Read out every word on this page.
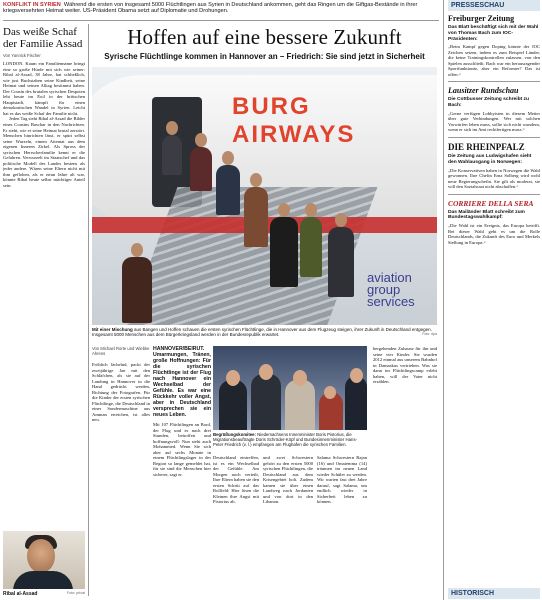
KONFLIKT IN SYRIEN Während die ersten von insgesamt 5000 Flüchtlingen aus Syrien in Deutschland ankommen, geht das Ringen um die Giftgas-Bestände in ihrer kriegsversehrten Heimat weiter. US-Präsident Obama setzt auf Diplomatie und Drohungen.
Das weiße Schaf der Familie Assad
Von Yannick Fischer

LONDON. Kaum ein Familienname bringt eine so große Hürde mit sich wie seiner: Ribal al-Assad, 38 Jahre, hat schließlich, wie just Buchstaben seine Kindheit, seine Heimat und seinen Alltag bestimmt haben. Der Cousin des brutalen syrischen Despoten lebt heute im Exil in der britischen Hauptstadt, kämpft für einen demokratischen Wandel in Syrien. Leicht hat es das weiße Schaf der Familie nicht.

Jeden Tag sieht Ribal al-Assad die Bilder eines Cousins Baschar in den Nachrichten. Er sieht, wie er seine Heimat brutal zerstört. Menschen hinrichten lässt, er spürt selbst seine Wurzeln, einem Attentat aus dem eigenen Inneren Zirkel. Als Spross der syrischen Herrscherfamilie kennt er die Gefahren. Verwurzelt im Staatschef und das politische Modell des Landes bestens als jeder andere. Wären seine Eltern nicht mit ihm geflohen, als er neun Jahre alt war, könnte Ribal heute selbst mächtiger Anteil sein.

Ribal al-Assad	Foto: privat
Hoffen auf eine bessere Zukunft
Syrische Flüchtlinge kommen in Hannover an – Friedrich: Sie sind jetzt in Sicherheit
BURG AIRWAYS
aviation group services
Mit einer Mischung aus Bangen und Hoffen schauen die ersten syrischen Flüchtlinge, die in Hannover aus dem Flugzeug steigen, ihrer Zukunft in Deutschland entgegen. Insgesamt 5000 Menschen aus dem Bürgerkriegsland werden in der Bundesrepublik erwartet.	Foto: dpa
Von Michael Rorte und Wiebke Ahrens

Fröhlich lächelnd, packt der zweijährige Jan mit den Schläfchen, als sie auf der Landung in Hannover in die Hand gedrückt werden, Richtung der Fotografen. Für die Kinder der ersten syrischen Flüchtlinge, die Deutschland in einer Sondermaschine aus Amman erreichen, ist alles neu.

HANNOVER/BEIRUT. Umarmungen, Tränen, große Hoffnungen: Für die syrischen Flüchtlinge ist der Flug nach Hannover ein Wechselbad der Gefühle. Es war eine Rückkehr voller Angst, aber in Deutschland versprechen sie ein neues Leben.

Mit 107 Flüchtlingen an Bord, der Flug und es nach drei Stunden, betroffen und hoffnungsvoll: Nun steht auch Mohammed. Wenn Sie sich aber auf sechs Monate in einem Flüchtlingslager in der Region so lange gemeldet hat, für sie sind die Menschen hier sicherer, sagt er.

Begrüßungskomitee: Niedersachsens Innenminister Boris Pistorius, die Migrationsbeauftragte Doris Schröder-Köpf und Bundesinnenminister Hans-Peter Friedrich (v. l.) empfangen am Flughafen die syrischen Familien.

Deutschland eintreffen, ist es ein Wechselbad der Gefühle. Am Morgen noch verteilt, Ihre Eltern haben sie den ersten Schritt auf das Rollfeld: Hier lösen die Kleinen ihre Angst mit Pistorius ab.

und zwei Schwestern gehört zu den ersten 5000 syrischen Flüchtlingen, die Deutschland aus dem Krisengebiet holt. Zudem kamen sie über einen Landweg nach Jordanien und von dort in den Libanon.

Salama Schwestern Rajan (16) und Omaiemma (14) träumen im neuen Land wieder Schüler zu werden. Wir warten fast drei Jahre darauf, sagt Salama, um endlich wieder in Sicherheit leben zu können.

bergehenden Zuhause für ihn und seine vier Kinder. Sie wurden 2012 einmal aus unserem Bahnhof in Damaskus vertrieben. Was sie dann im Flüchtlingscamp erlebt haben, will der Vater nicht erzählen.

PRESSESCHAU
Freiburger Zeitung
Das Blatt beschäftigt sich mit der Wahl von Thomas Bach zum IOC-Präsidenten:

„Beim Kampf gegen Doping könnte der IOC Zeichen setzen, indem es zum Beispiel Länder, die keine Trainingskontrollen zulassen, von den Spielen ausschließt. Bach war ein herausragender Sportfunktionär, aber ein Reformer? Das ist offen.“

Lausitzer Rundschau
Die Cottbusser Zeitung schreibt zu Bach:

„Gerne verfügen Lobbyisten in diesem Metier über gute Verbindungen. Wer mit solchen Vorwürfen leben muss, sollte sich nicht wundern, wenn er sich im Amt rechtfertigen muss.“

DIE RHEINPFALZ
Die Zeitung aus Ludwigshafen sieht den Wahlausgang in Norwegen:

„Die Konservativen haben in Norwegen die Wahl gewonnen. Ihre Chefin Erna Solberg wird wohl neue Regierungschefin. Sie gilt als moderat, sie will den Sozialstaat nicht abschaffen.“

CORRIERE DELLA SERA
Das Mailänder Blatt schreibt zum Bundestagswahlkampf:

„Die Wahl ist ein Ereignis, das Europa betrifft. Bei dieser Wahl geht es um die Rolle Deutschlands, die Zukunft des Euro und Merkels Stellung in Europa.“

HISTORISCH
